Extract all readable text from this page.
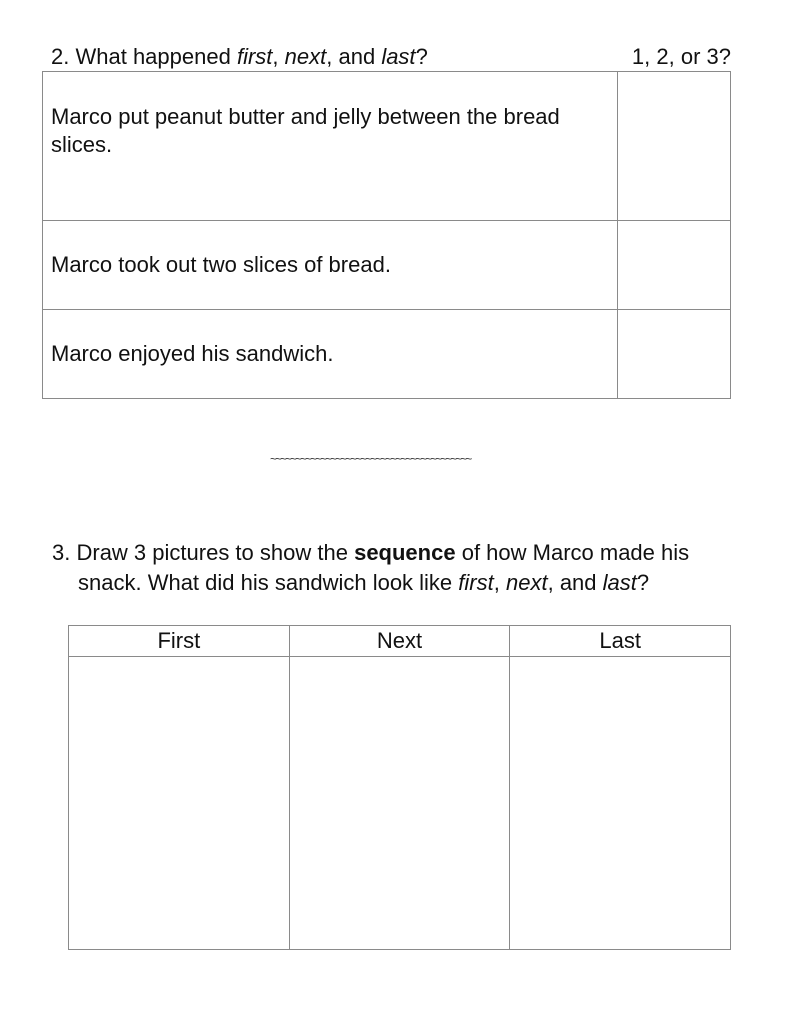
2. What happened first, next, and last?	1, 2, or 3?
Marco put peanut butter and jelly between the bread slices.	
Marco took out two slices of bread.	
Marco enjoyed his sandwich.	
~~~~~~~~~~~~~~~~~~~~~~~~~~~~~~~~~~~~~~~~
3. Draw 3 pictures to show the sequence of how Marco made his
snack. What did his sandwich look like first, next, and last?
First	Next	Last
